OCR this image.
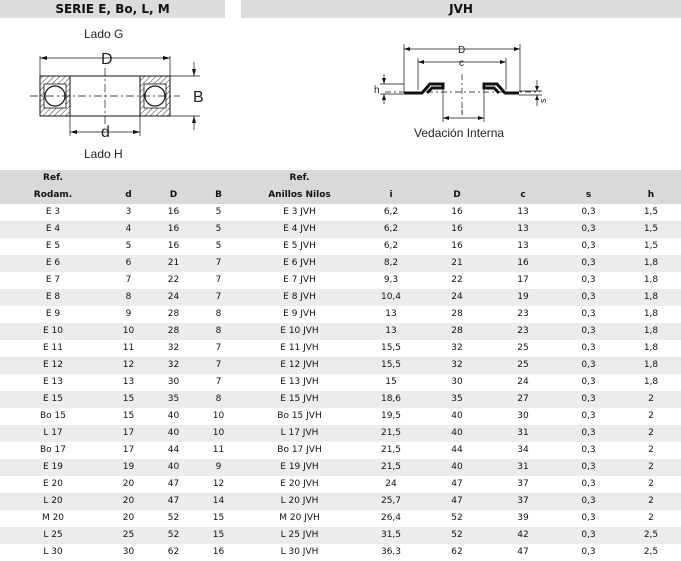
SERIE E, Bo, L, M	JVH
Lado G
Lado H
Vedación Interna
D
d
B
D
c
h
i
s
Ref.				Ref.					
Rodam.	d	D	B	Anillos Nilos	i	D	c	s	h
E 3	3	16	5	E 3 JVH	6,2	16	13	0,3	1,5
E 4	4	16	5	E 4 JVH	6,2	16	13	0,3	1,5
E 5	5	16	5	E 5 JVH	6,2	16	13	0,3	1,5
E 6	6	21	7	E 6 JVH	8,2	21	16	0,3	1,8
E 7	7	22	7	E 7 JVH	9,3	22	17	0,3	1,8
E 8	8	24	7	E 8 JVH	10,4	24	19	0,3	1,8
E 9	9	28	8	E 9 JVH	13	28	23	0,3	1,8
E 10	10	28	8	E 10 JVH	13	28	23	0,3	1,8
E 11	11	32	7	E 11 JVH	15,5	32	25	0,3	1,8
E 12	12	32	7	E 12 JVH	15,5	32	25	0,3	1,8
E 13	13	30	7	E 13 JVH	15	30	24	0,3	1,8
E 15	15	35	8	E 15 JVH	18,6	35	27	0,3	2
Bo 15	15	40	10	Bo 15 JVH	19,5	40	30	0,3	2
L 17	17	40	10	L 17 JVH	21,5	40	31	0,3	2
Bo 17	17	44	11	Bo 17 JVH	21,5	44	34	0,3	2
E 19	19	40	9	E 19 JVH	21,5	40	31	0,3	2
E 20	20	47	12	E 20 JVH	24	47	37	0,3	2
L 20	20	47	14	L 20 JVH	25,7	47	37	0,3	2
M 20	20	52	15	M 20 JVH	26,4	52	39	0,3	2
L 25	25	52	15	L 25 JVH	31,5	52	42	0,3	2,5
L 30	30	62	16	L 30 JVH	36,3	62	47	0,3	2,5
